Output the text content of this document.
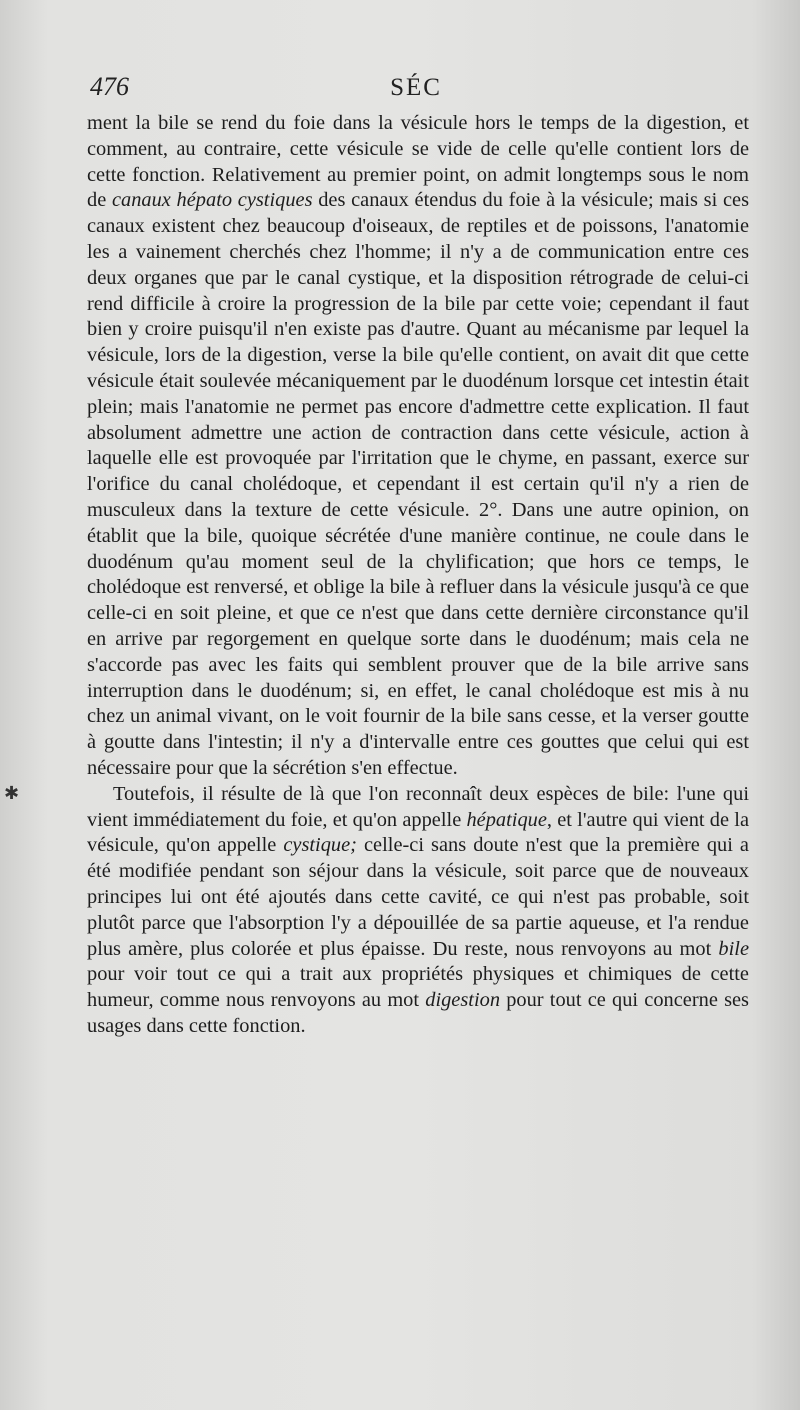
476	SÉC

ment la bile se rend du foie dans la vésicule hors le temps de la digestion, et comment, au contraire, cette vésicule se vide de celle qu'elle contient lors de cette fonction. Relativement au premier point, on admit longtemps sous le nom de canaux hépato cystiques des canaux étendus du foie à la vésicule; mais si ces canaux existent chez beaucoup d'oiseaux, de reptiles et de poissons, l'anatomie les a vainement cherchés chez l'homme; il n'y a de communication entre ces deux organes que par le canal cystique, et la disposition rétrograde de celui-ci rend difficile à croire la progression de la bile par cette voie; cependant il faut bien y croire puisqu'il n'en existe pas d'autre. Quant au mécanisme par lequel la vésicule, lors de la digestion, verse la bile qu'elle contient, on avait dit que cette vésicule était soulevée mécaniquement par le duodénum lorsque cet intestin était plein; mais l'anatomie ne permet pas encore d'admettre cette explication. Il faut absolument admettre une action de contraction dans cette vésicule, action à laquelle elle est provoquée par l'irritation que le chyme, en passant, exerce sur l'orifice du canal cholédoque, et cependant il est certain qu'il n'y a rien de musculeux dans la texture de cette vésicule. 2°. Dans une autre opinion, on établit que la bile, quoique sécrétée d'une manière continue, ne coule dans le duodénum qu'au moment seul de la chylification; que hors ce temps, le cholédoque est renversé, et oblige la bile à refluer dans la vésicule jusqu'à ce que celle-ci en soit pleine, et que ce n'est que dans cette dernière circonstance qu'il en arrive par regorgement en quelque sorte dans le duodénum; mais cela ne s'accorde pas avec les faits qui semblent prouver que de la bile arrive sans interruption dans le duodénum; si, en effet, le canal cholédoque est mis à nu chez un animal vivant, on le voit fournir de la bile sans cesse, et la verser goutte à goutte dans l'intestin; il n'y a d'intervalle entre ces gouttes que celui qui est nécessaire pour que la sécrétion s'en effectue.

Toutefois, il résulte de là que l'on reconnaît deux espèces de bile: l'une qui vient immédiatement du foie, et qu'on appelle hépatique, et l'autre qui vient de la vésicule, qu'on appelle cystique; celle-ci sans doute n'est que la première qui a été modifiée pendant son séjour dans la vésicule, soit parce que de nouveaux principes lui ont été ajoutés dans cette cavité, ce qui n'est pas probable, soit plutôt parce que l'absorption l'y a dépouillée de sa partie aqueuse, et l'a rendue plus amère, plus colorée et plus épaisse. Du reste, nous renvoyons au mot bile pour voir tout ce qui a trait aux propriétés physiques et chimiques de cette humeur, comme nous renvoyons au mot digestion pour tout ce qui concerne ses usages dans cette fonction.

✱
